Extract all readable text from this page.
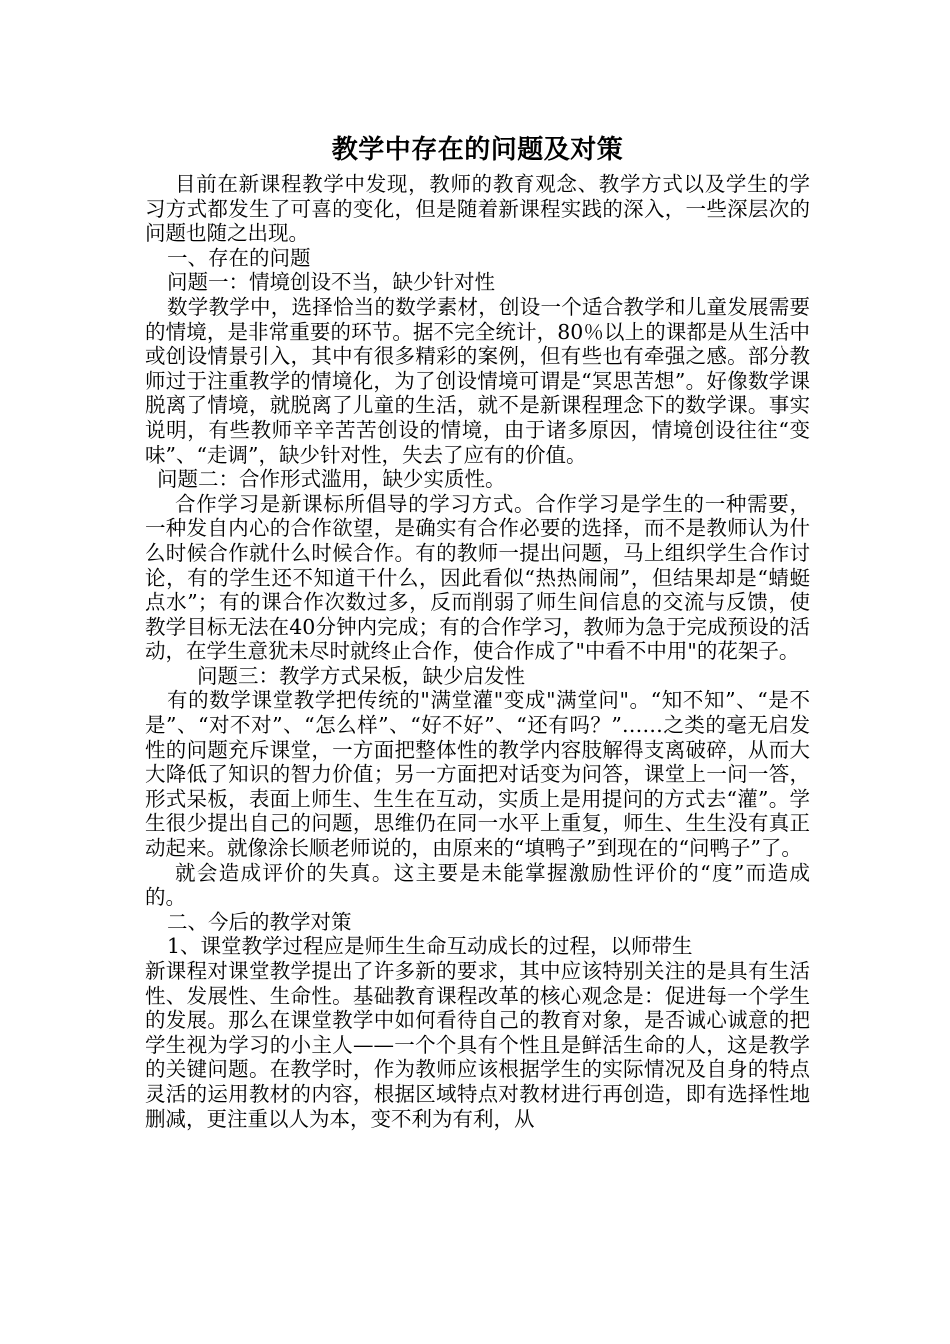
教学中存在的问题及对策

目前在新课程教学中发现，教师的教育观念、教学方式以及学生的学习方式都发生了可喜的变化，但是随着新课程实践的深入，一些深层次的问题也随之出现。

一、存在的问题

问题一：情境创设不当，缺少针对性

数学教学中，选择恰当的数学素材，创设一个适合教学和儿童发展需要的情境，是非常重要的环节。据不完全统计，80％以上的课都是从生活中或创设情景引入，其中有很多精彩的案例，但有些也有牵强之感。部分教师过于注重教学的情境化，为了创设情境可谓是“冥思苦想”。好像数学课脱离了情境，就脱离了儿童的生活，就不是新课程理念下的数学课。事实说明，有些教师辛辛苦苦创设的情境，由于诸多原因，情境创设往往“变味”、“走调”，缺少针对性，失去了应有的价值。

问题二：合作形式滥用，缺少实质性。

合作学习是新课标所倡导的学习方式。合作学习是学生的一种需要，一种发自内心的合作欲望，是确实有合作必要的选择，而不是教师认为什么时候合作就什么时候合作。有的教师一提出问题，马上组织学生合作讨论，有的学生还不知道干什么，因此看似“热热闹闹”，但结果却是“蜻蜓点水”；有的课合作次数过多，反而削弱了师生间信息的交流与反馈，使教学目标无法在40分钟内完成；有的合作学习，教师为急于完成预设的活动，在学生意犹未尽时就终止合作，使合作成了"中看不中用"的花架子。

问题三：教学方式呆板，缺少启发性

有的数学课堂教学把传统的"满堂灌"变成"满堂问"。“知不知”、“是不是”、“对不对”、“怎么样”、“好不好”、“还有吗？”……之类的毫无启发性的问题充斥课堂，一方面把整体性的教学内容肢解得支离破碎，从而大大降低了知识的智力价值；另一方面把对话变为问答，课堂上一问一答，形式呆板，表面上师生、生生在互动，实质上是用提问的方式去“灌”。学生很少提出自己的问题，思维仍在同一水平上重复，师生、生生没有真正动起来。就像涂长顺老师说的，由原来的“填鸭子”到现在的“问鸭子”了。

就会造成评价的失真。这主要是未能掌握激励性评价的“度”而造成的。

二、今后的教学对策

1、课堂教学过程应是师生生命互动成长的过程，以师带生

新课程对课堂教学提出了许多新的要求，其中应该特别关注的是具有生活性、发展性、生命性。基础教育课程改革的核心观念是：促进每一个学生的发展。那么在课堂教学中如何看待自己的教育对象，是否诚心诚意的把学生视为学习的小主人——一个个具有个性且是鲜活生命的人，这是教学的关键问题。在教学时，作为教师应该根据学生的实际情况及自身的特点灵活的运用教材的内容，根据区域特点对教材进行再创造，即有选择性地删减，更注重以人为本，变不利为有利，从
